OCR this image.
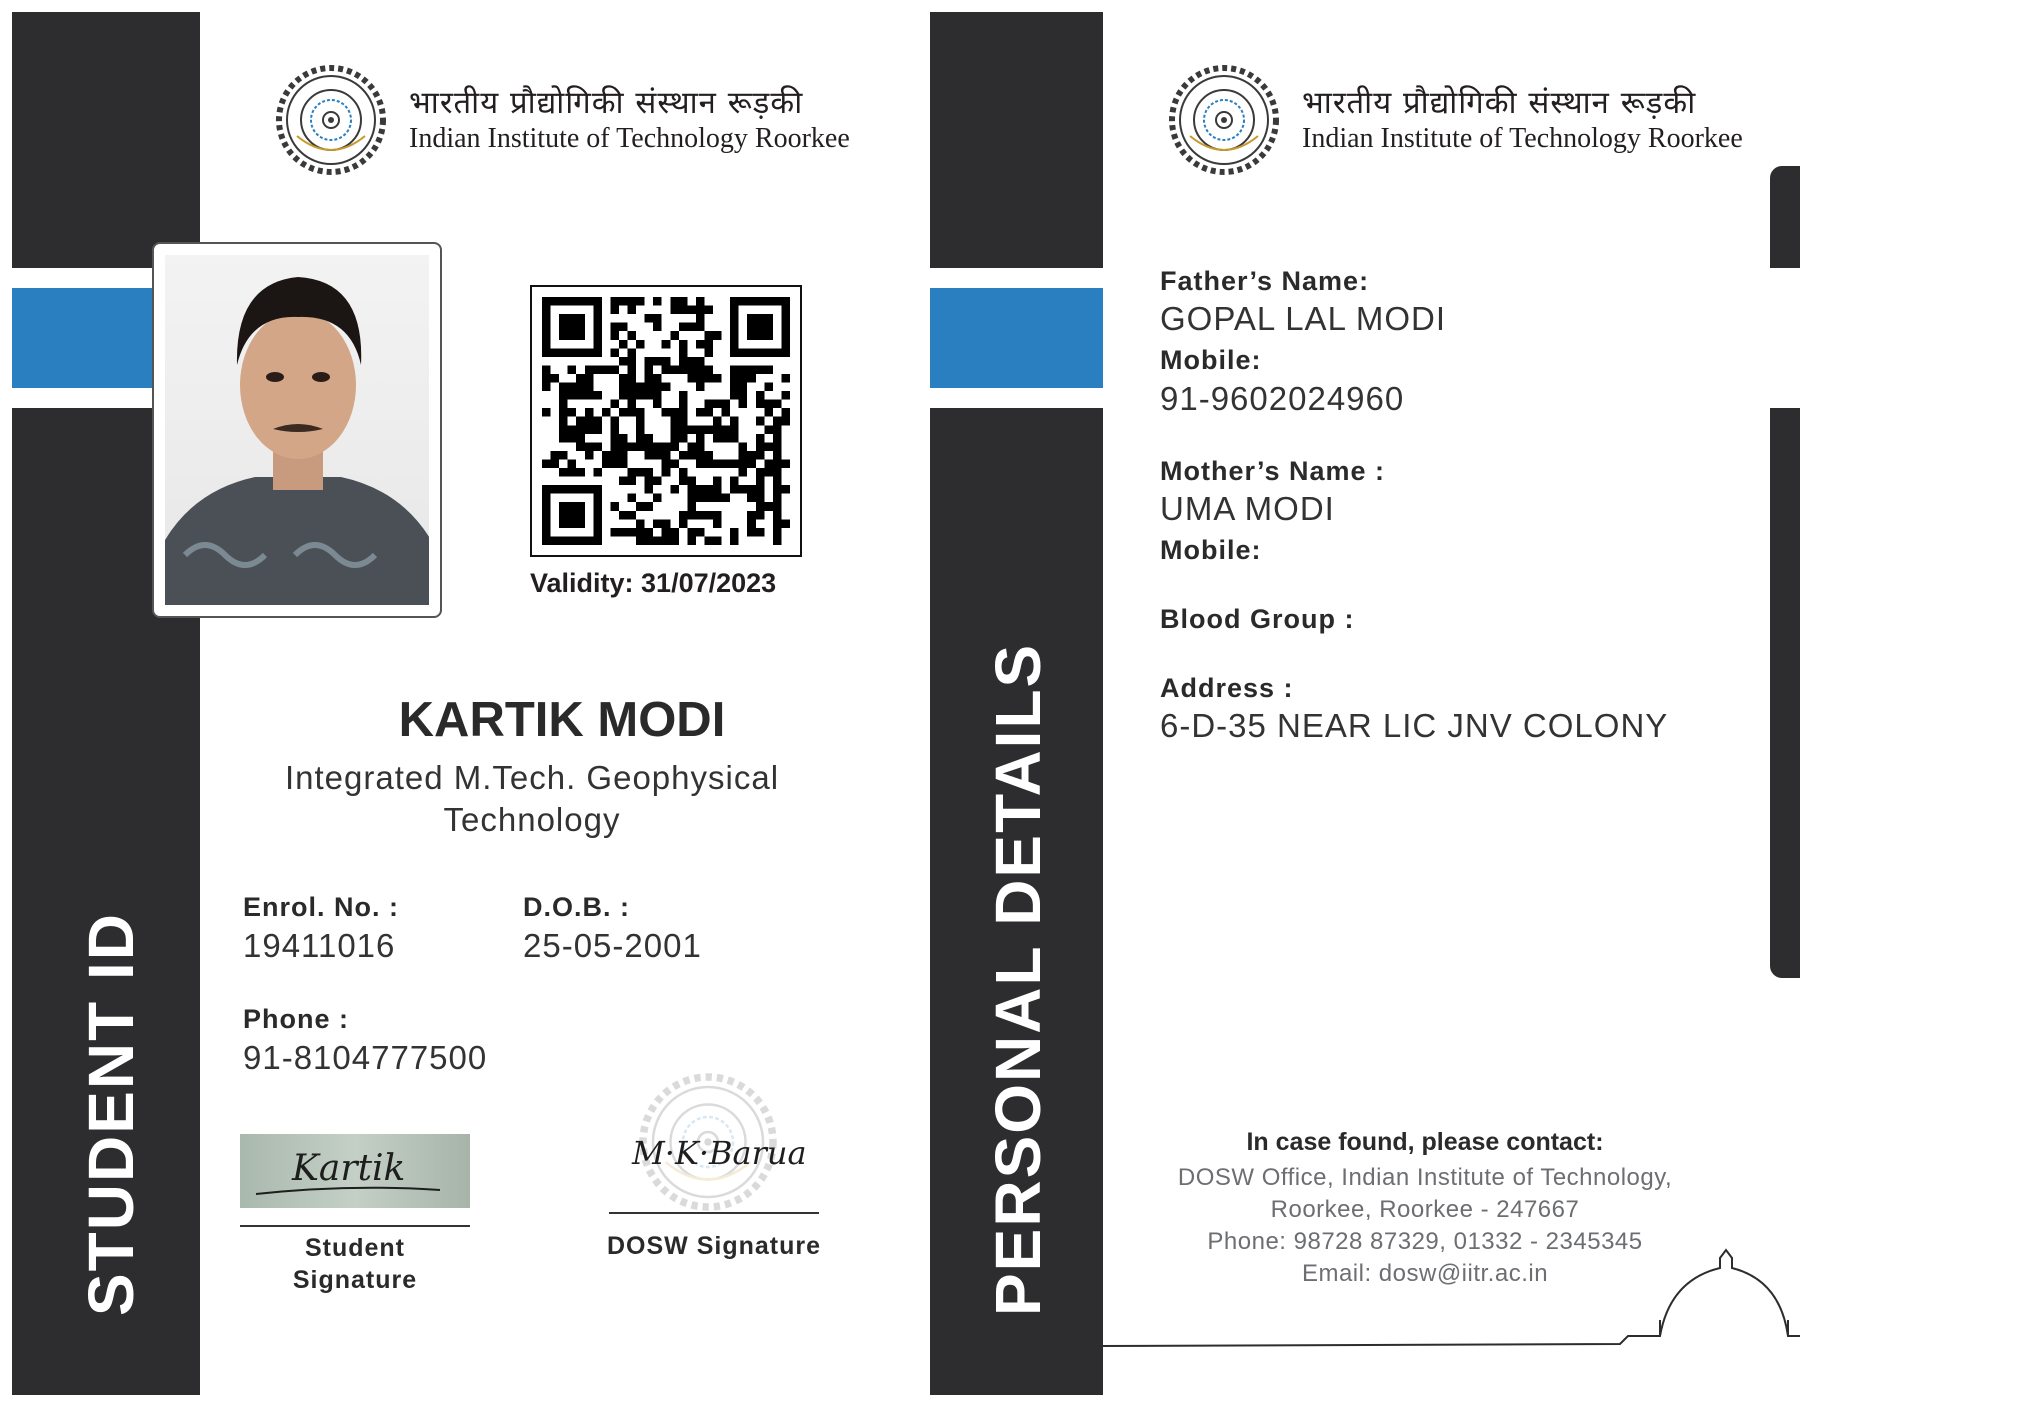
STUDENT ID
भारतीय प्रौद्योगिकी संस्थान रूड़की
Indian Institute of Technology Roorkee
Validity: 31/07/2023
KARTIK MODI
Integrated M.Tech. Geophysical
Technology
Enrol. No. :
19411016
D.O.B. :
25-05-2001
Phone :
91-8104777500
Kartik
Student
Signature
M·K·Barua
DOSW Signature	PERSONAL DETAILS
भारतीय प्रौद्योगिकी संस्थान रूड़की
Indian Institute of Technology Roorkee
Father’s Name:
GOPAL LAL MODI
Mobile:
91-9602024960
Mother’s Name :
UMA MODI
Mobile:
Blood Group :
Address :
6-D-35 NEAR LIC JNV COLONY
In case found, please contact:
DOSW Office, Indian Institute of Technology,
Roorkee, Roorkee - 247667
Phone: 98728 87329, 01332 - 2345345
Email: dosw@iitr.ac.in
